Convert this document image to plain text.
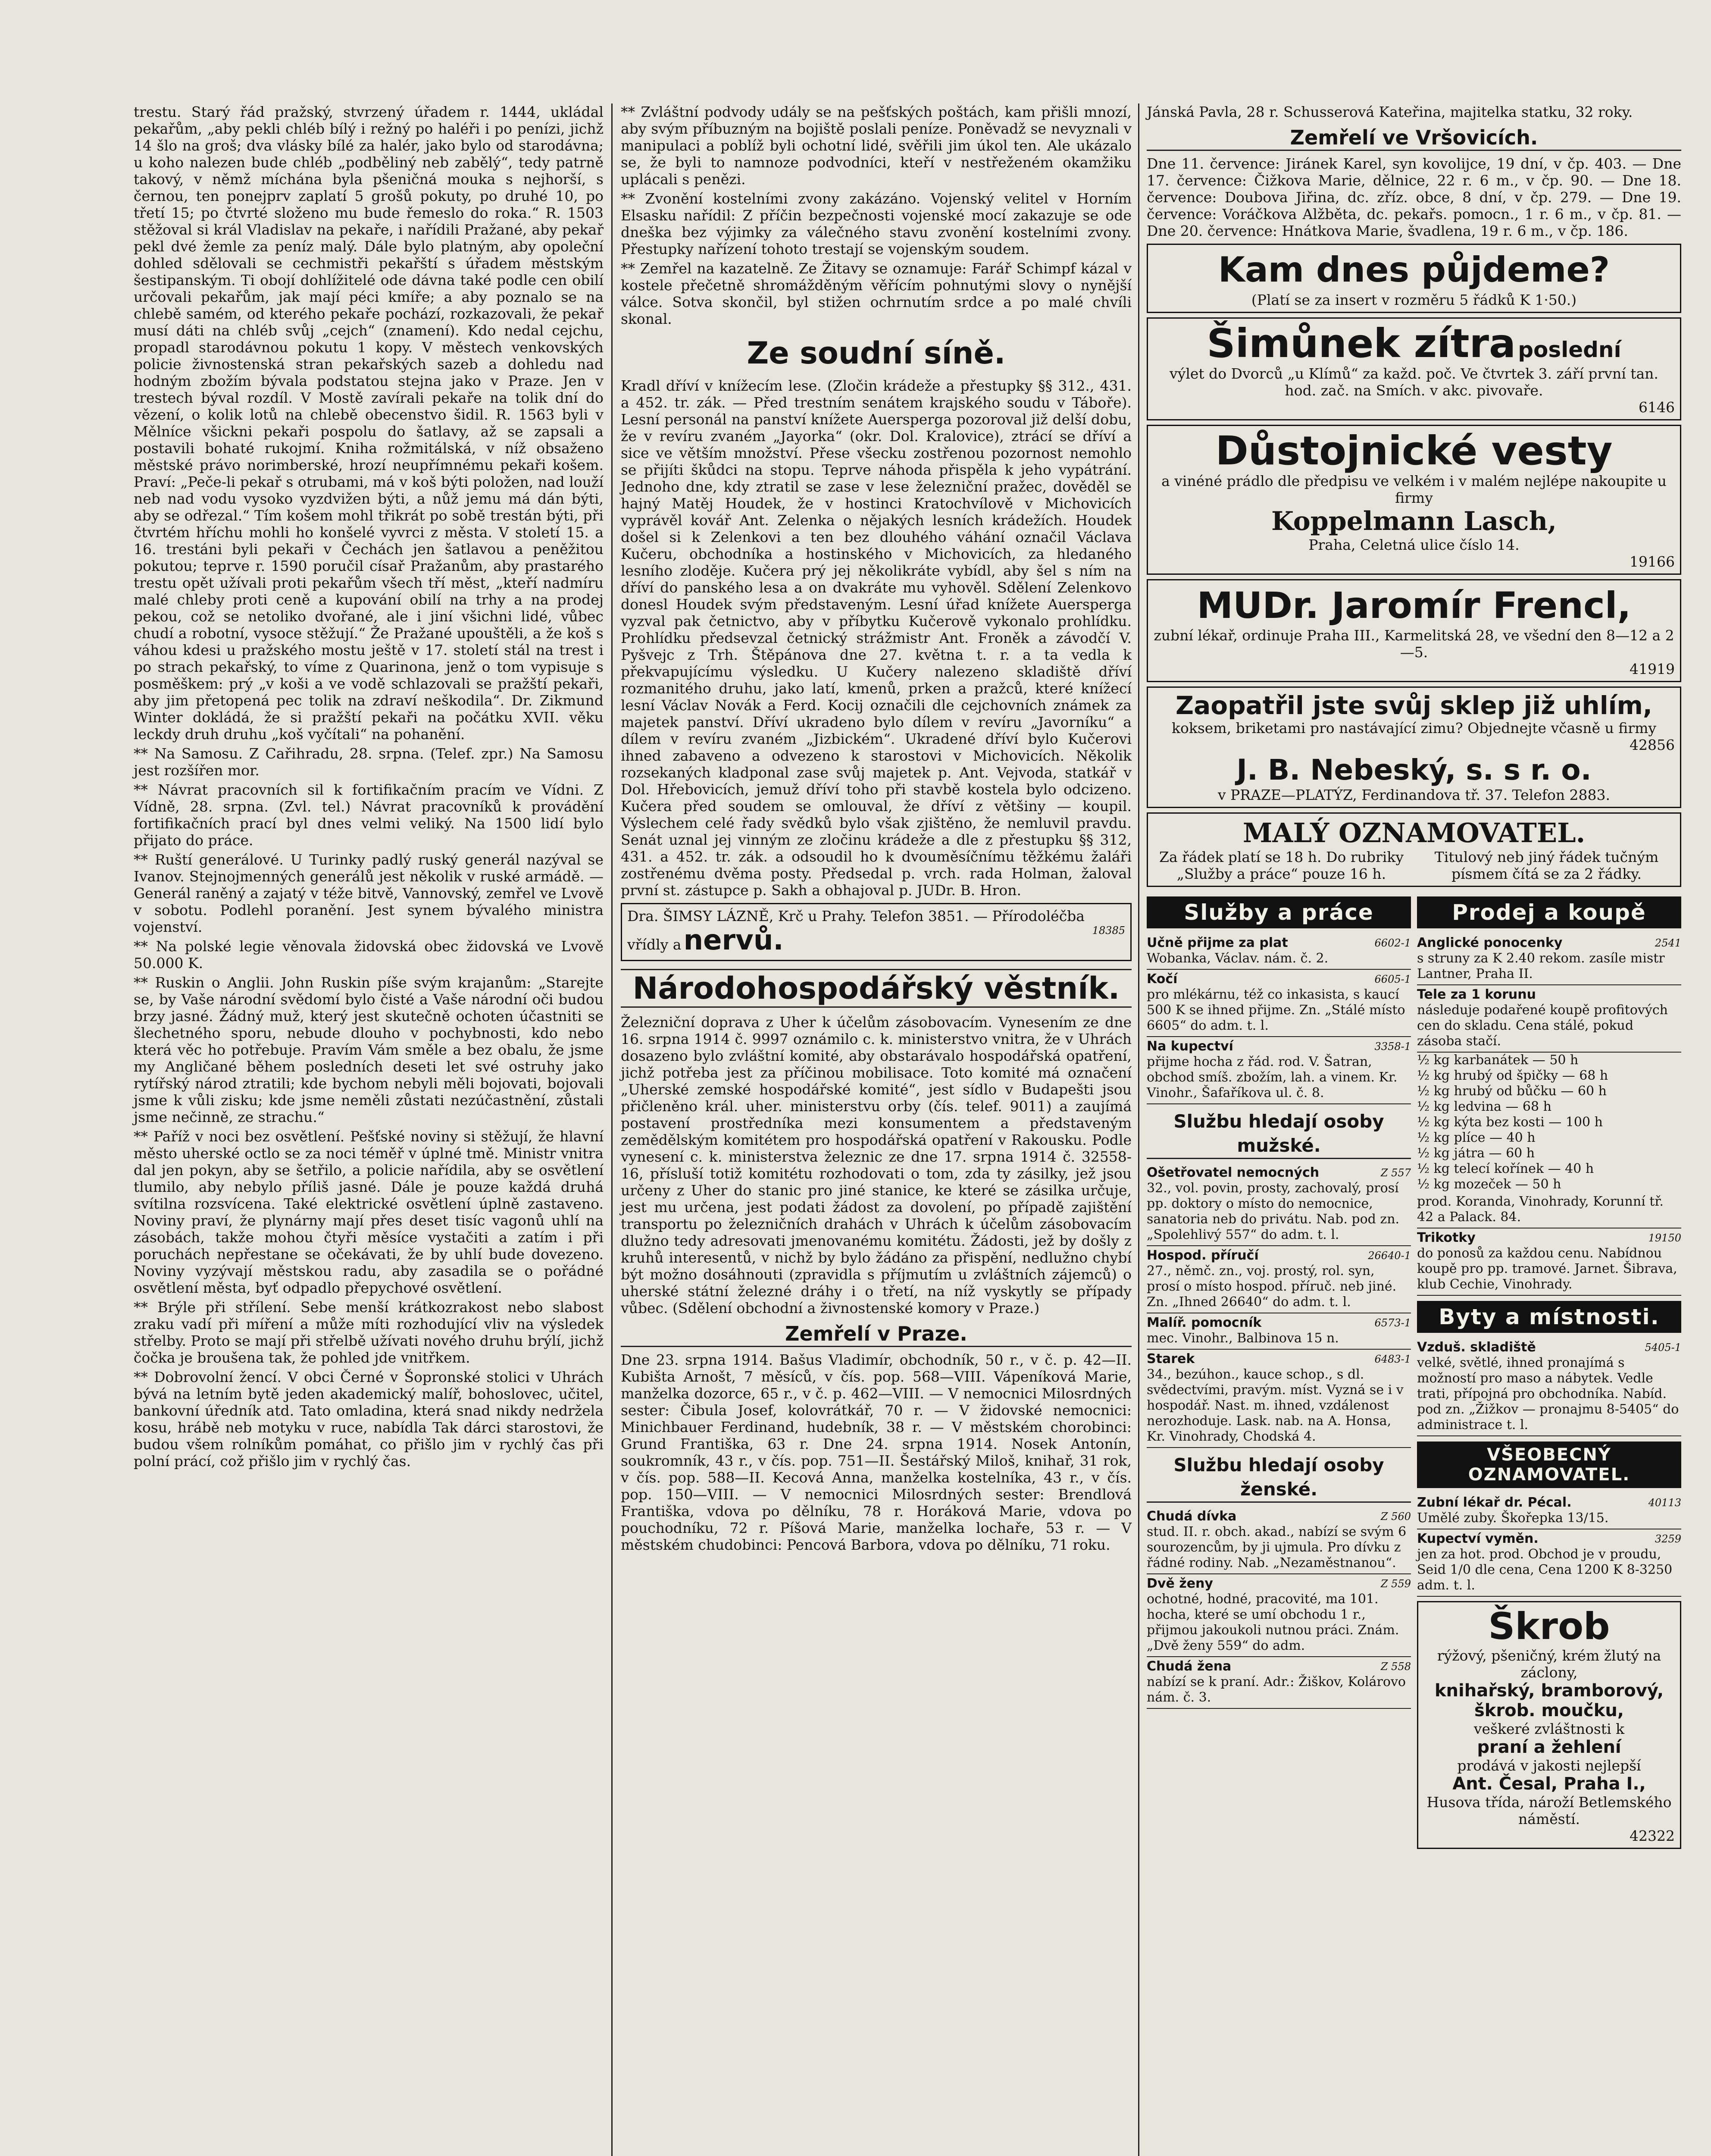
trestu. Starý řád pražský, stvrzený úřadem r. 1444, ukládal pekařům, „aby pekli chléb bílý i režný po haléři i po penízi, jichž 14 šlo na groš; dva vlásky bílé za halér, jako bylo od starodávna; u koho nalezen bude chléb „podběliný neb zabělý“, tedy patrně takový, v němž míchána byla pšeničná mouka s nejhorší, s černou, ten ponejprv zaplatí 5 grošů pokuty, po druhé 10, po třetí 15; po čtvrté složeno mu bude řemeslo do roka.“ R. 1503 stěžoval si král Vladislav na pekaře, i nařídili Pražané, aby pekař pekl dvé žemle za peníz malý. Dále bylo platným, aby opoleční dohled sdělovali se cechmistři pekařští s úřadem městským šestipanským. Ti obojí dohlížitelé ode dávna také podle cen obilí určovali pekařům, jak mají péci kmíře; a aby poznalo se na chlebě samém, od kterého pekaře pochází, rozkazovali, že pekař musí dáti na chléb svůj „cejch“ (znamení). Kdo nedal cejchu, propadl starodávnou pokutu 1 kopy. V městech venkovských policie živnostenská stran pekařských sazeb a dohledu nad hodným zbožím bývala podstatou stejna jako v Praze. Jen v trestech býval rozdíl. V Mostě zavírali pekaře na tolik dní do vězení, o kolik lotů na chlebě obecenstvo šidil. R. 1563 byli v Mělníce všickni pekaři pospolu do šatlavy, až se zapsali a postavili bohaté rukojmí. Kniha rožmitálská, v níž obsaženo městské právo norimberské, hrozí neupřímnému pekaři košem. Praví: „Peče-li pekař s otrubami, má v koš býti položen, nad louží neb nad vodu vysoko vyzdvižen býti, a nůž jemu má dán býti, aby se odřezal.“ Tím košem mohl třikrát po sobě trestán býti, při čtvrtém hříchu mohli ho konšelé vyvrci z města. V století 15. a 16. trestáni byli pekaři v Čechách jen šatlavou a peněžitou pokutou; teprve r. 1590 poručil císař Pražanům, aby prastarého trestu opět užívali proti pekařům všech tří měst, „kteří nadmíru malé chleby proti ceně a kupování obilí na trhy a na prodej pekou, což se netoliko dvořané, ale i jiní všichni lidé, vůbec chudí a robotní, vysoce stěžují.“ Že Pražané upouštěli, a že koš s váhou kdesi u pražského mostu ještě v 17. století stál na trest i po strach pekařský, to víme z Quarinona, jenž o tom vypisuje s posměškem: prý „v koši a ve vodě schlazovali se pražští pekaři, aby jim přetopená pec tolik na zdraví neškodila“. Dr. Zikmund Winter dokládá, že si pražští pekaři na počátku XVII. věku leckdy druh druhu „koš vyčítali“ na pohanění.

** Na Samosu. Z Cařihradu, 28. srpna. (Telef. zpr.) Na Samosu jest rozšířen mor.

** Návrat pracovních sil k fortifikačním pracím ve Vídni. Z Vídně, 28. srpna. (Zvl. tel.) Návrat pracovníků k provádění fortifikačních prací byl dnes velmi veliký. Na 1500 lidí bylo přijato do práce.

** Ruští generálové. U Turinky padlý ruský generál nazýval se Ivanov. Stejnojmenných generálů jest několik v ruské armádě. — Generál raněný a zajatý v téže bitvě, Vannovský, zemřel ve Lvově v sobotu. Podlehl poranění. Jest synem bývalého ministra vojenství.

** Na polské legie věnovala židovská obec židovská ve Lvově 50.000 K.

** Ruskin o Anglii. John Ruskin píše svým krajanům: „Starejte se, by Vaše národní svědomí bylo čisté a Vaše národní oči budou brzy jasné. Žádný muž, který jest skutečně ochoten účastniti se šlechetného sporu, nebude dlouho v pochybnosti, kdo nebo která věc ho potřebuje. Pravím Vám směle a bez obalu, že jsme my Angličané během posledních deseti let své ostruhy jako rytířský národ ztratili; kde bychom nebyli měli bojovati, bojovali jsme k vůli zisku; kde jsme neměli zůstati nezúčastnění, zůstali jsme nečinně, ze strachu.“

** Paříž v noci bez osvětlení. Pešťské noviny si stěžují, že hlavní město uherské octlo se za noci téměř v úplné tmě. Ministr vnitra dal jen pokyn, aby se šetřilo, a policie nařídila, aby se osvětlení tlumilo, aby nebylo příliš jasné. Dále je pouze každá druhá svítilna rozsvícena. Také elektrické osvětlení úplně zastaveno. Noviny praví, že plynárny mají přes deset tisíc vagonů uhlí na zásobách, takže mohou čtyři měsíce vystačiti a zatím i při poruchách nepřestane se očekávati, že by uhlí bude dovezeno. Noviny vyzývají městskou radu, aby zasadila se o pořádné osvětlení města, byť odpadlo přepychové osvětlení.

** Brýle při střílení. Sebe menší krátkozrakost nebo slabost zraku vadí při míření a může míti rozhodující vliv na výsledek střelby. Proto se mají při střelbě užívati nového druhu brýlí, jichž čočka je broušena tak, že pohled jde vnitřkem.

** Dobrovolní žencí. V obci Černé v Šopronské stolici v Uhrách bývá na letním bytě jeden akademický malíř, bohoslovec, učitel, bankovní úředník atd. Tato omladina, která snad nikdy nedržela kosu, hrábě neb motyku v ruce, nabídla Tak dárci starostovi, že budou všem rolníkům pomáhat, co přišlo jim v rychlý čas při polní prácí, což přišlo jim v rychlý čas.

** Zvláštní podvody udály se na pešťských poštách, kam přišli mnozí, aby svým příbuzným na bojiště poslali peníze. Poněvadž se nevyznali v manipulaci a poblíž byli ochotní lidé, svěřili jim úkol ten. Ale ukázalo se, že byli to namnoze podvodníci, kteří v nestřeženém okamžiku uplácali s penězi.

** Zvonění kostelními zvony zakázáno. Vojenský velitel v Horním Elsasku nařídil: Z příčin bezpečnosti vojenské mocí zakazuje se ode dneška bez výjimky za válečného stavu zvonění kostelními zvony. Přestupky nařízení tohoto trestají se vojenským soudem.

** Zemřel na kazatelně. Ze Žitavy se oznamuje: Farář Schimpf kázal v kostele přečetně shromážděným věřícím pohnutými slovy o nynější válce. Sotva skončil, byl stižen ochrnutím srdce a po malé chvíli skonal.

Ze soudní síně.

Kradl dříví v knížecím lese. (Zločin krádeže a přestupky §§ 312., 431. a 452. tr. zák. — Před trestním senátem krajského soudu v Táboře). Lesní personál na panství knížete Auersperga pozoroval již delší dobu, že v revíru zvaném „Jayorka“ (okr. Dol. Kralovice), ztrácí se dříví a sice ve větším množství. Přese všecku zostřenou pozornost nemohlo se přijíti škůdci na stopu. Teprve náhoda přispěla k jeho vypátrání. Jednoho dne, kdy ztratil se zase v lese železniční pražec, dověděl se hajný Matěj Houdek, že v hostinci Kratochvílově v Michovicích vyprávěl kovář Ant. Zelenka o nějakých lesních krádežích. Houdek došel si k Zelenkovi a ten bez dlouhého váhání označil Václava Kučeru, obchodníka a hostinského v Michovicích, za hledaného lesního zloděje. Kučera prý jej několikráte vybídl, aby šel s ním na dříví do panského lesa a on dvakráte mu vyhověl. Sdělení Zelenkovo donesl Houdek svým představeným. Lesní úřad knížete Auersperga vyzval pak četnictvo, aby v příbytku Kučerově vykonalo prohlídku. Prohlídku předsevzal četnický strážmistr Ant. Froněk a závodčí V. Pyšvejc z Trh. Štěpánova dne 27. května t. r. a ta vedla k překvapujícímu výsledku. U Kučery nalezeno skladiště dříví rozmanitého druhu, jako latí, kmenů, prken a pražců, které knížecí lesní Václav Novák a Ferd. Kocij označili dle cejchovních známek za majetek panství. Dříví ukradeno bylo dílem v revíru „Javorníku“ a dílem v revíru zvaném „Jizbickém“. Ukradené dříví bylo Kučerovi ihned zabaveno a odvezeno k starostovi v Michovicích. Několik rozsekaných kladponal zase svůj majetek p. Ant. Vejvoda, statkář v Dol. Hřebovicích, jemuž dříví toho při stavbě kostela bylo odcizeno. Kučera před soudem se omlouval, že dříví z většiny — koupil. Výslechem celé řady svědků bylo však zjištěno, že nemluvil pravdu. Senát uznal jej vinným ze zločinu krádeže a dle z přestupku §§ 312, 431. a 452. tr. zák. a odsoudil ho k dvouměsíčnímu těžkému žaláři zostřenému dvěma posty. Předsedal p. vrch. rada Holman, žaloval první st. zástupce p. Sakh a obhajoval p. JUDr. B. Hron.

Dra. ŠIMSY LÁZNĚ, Krč u Prahy. Telefon 3851. — Přírodoléčba vřídly a nervů.	18385
Národohospodářský věstník.

Železniční doprava z Uher k účelům zásobovacím. Vynesením ze dne 16. srpna 1914 č. 9997 oznámilo c. k. ministerstvo vnitra, že v Uhrách dosazeno bylo zvláštní komité, aby obstarávalo hospodářská opatření, jichž potřeba jest za příčinou mobilisace. Toto komité má označení „Uherské zemské hospodářské komité“, jest sídlo v Budapešti jsou přičleněno král. uher. ministerstvu orby (čís. telef. 9011) a zaujímá postavení prostředníka mezi konsumentem a představeným zemědělským komitétem pro hospodářská opatření v Rakousku. Podle vynesení c. k. ministerstva železnic ze dne 17. srpna 1914 č. 32558-16, přísluší totiž komitétu rozhodovati o tom, zda ty zásilky, jež jsou určeny z Uher do stanic pro jiné stanice, ke které se zásilka určuje, jest mu určena, jest podati žádost za dovolení, po případě zajištění transportu po železničních drahách v Uhrách k účelům zásobovacím dlužno tedy adresovati jmenovanému komitétu. Žádosti, jež by došly z kruhů interesentů, v nichž by bylo žádáno za přispění, nedlužno chybí být možno dosáhnouti (zpravidla s příjmutím u zvláštních zájemců) o uherské státní železné dráhy i o třetí, na níž vyskytly se případy vůbec. (Sdělení obchodní a živnostenské komory v Praze.)

Zemřelí v Praze.

Dne 23. srpna 1914. Bašus Vladimír, obchodník, 50 r., v č. p. 42—II. Kubišta Arnošt, 7 měsíců, v čís. pop. 568—VIII. Vápeníková Marie, manželka dozorce, 65 r., v č. p. 462—VIII. — V nemocnici Milosrdných sester: Čibula Josef, kolovrátkář, 70 r. — V židovské nemocnici: Minichbauer Ferdinand, hudebník, 38 r. — V městském chorobinci: Grund Františka, 63 r. Dne 24. srpna 1914. Nosek Antonín, soukromník, 43 r., v čís. pop. 751—II. Šestářský Miloš, knihař, 31 rok, v čís. pop. 588—II. Kecová Anna, manželka kostelníka, 43 r., v čís. pop. 150—VIII. — V nemocnici Milosrdných sester: Brendlová Františka, vdova po dělníku, 78 r. Horáková Marie, vdova po pouchodníku, 72 r. Píšová Marie, manželka lochaře, 53 r. — V městském chudobinci: Pencová Barbora, vdova po dělníku, 71 roku.

Jánská Pavla, 28 r. Schusserová Kateřina, majitelka statku, 32 roky.

Zemřelí ve Vršovicích.

Dne 11. července: Jiránek Karel, syn kovolijce, 19 dní, v čp. 403. — Dne 17. července: Čižkova Marie, dělnice, 22 r. 6 m., v čp. 90. — Dne 18. července: Doubova Jiřina, dc. zříz. obce, 8 dní, v čp. 279. — Dne 19. července: Voráčkova Alžběta, dc. pekařs. pomocn., 1 r. 6 m., v čp. 81. — Dne 20. července: Hnátkova Marie, švadlena, 19 r. 6 m., v čp. 186.

Kam dnes půjdeme?
(Platí se za insert v rozměru 5 řádků K 1·50.)
Šimůnek zítra poslední
výlet do Dvorců „u Klímů“ za každ. poč. Ve čtvrtek 3. září první tan. hod. zač. na Smích. v akc. pivovaře.
6146
Důstojnické vesty
a vinéné prádlo dle předpisu ve velkém i v malém nejlépe nakoupite u firmy
Koppelmann Lasch,
Praha, Celetná ulice číslo 14.
19166
MUDr. Jaromír Frencl,
zubní lékař, ordinuje Praha III., Karmelitská 28, ve všední den 8—12 a 2—5.
41919
Zaopatřil jste svůj sklep již uhlím,
koksem, briketami pro nastávající zimu? Objednejte včasně u firmy
42856
J. B. Nebeský, s. s r. o.
v PRAZE—PLATÝZ, Ferdinandova tř. 37. Telefon 2883.
MALÝ OZNAMOVATEL.
Za řádek platí se 18 h. Do rubriky „Služby a práce“ pouze 16 h.
Titulový neb jiný řádek tučným písmem čítá se za 2 řádky.
Služby a práce
Učně přijme za plat	6602-1

Wobanka, Václav. nám. č. 2.
Kočí	6605-1

pro mlékárnu, též co inkasista, s kaucí 500 K se ihned přijme. Zn. „Stálé místo 6605“ do adm. t. l.
Na kupectví	3358-1

přijme hocha z řád. rod. V. Šatran, obchod smíš. zbožím, lah. a vinem. Kr. Vinohr., Šafaříkova ul. č. 8.
Službu hledají osoby mužské.
Ošetřovatel nemocných	Z 557

32., vol. povin, prosty, zachovalý, prosí pp. doktory o místo do nemocnice, sanatoria neb do privátu. Nab. pod zn. „Spolehlivý 557“ do adm. t. l.
Hospod. příručí	26640-1

27., němč. zn., voj. prostý, rol. syn, prosí o místo hospod. příruč. neb jiné. Zn. „Ihned 26640“ do adm. t. l.
Malíř. pomocník	6573-1

mec. Vinohr., Balbinova 15 n.
Starek	6483-1

34., bezúhon., kauce schop., s dl. svědectvími, pravým. míst. Vyzná se i v hospodář. Nast. m. ihned, vzdálenost nerozhoduje. Lask. nab. na A. Honsa, Kr. Vinohrady, Chodská 4.
Službu hledají osoby ženské.
Chudá dívka	Z 560

stud. II. r. obch. akad., nabízí se svým 6 sourozencům, by ji ujmula. Pro dívku z řádné rodiny. Nab. „Nezaměstnanou“.
Dvě ženy	Z 559

ochotné, hodné, pracovité, ma 101. hocha, které se umí obchodu 1 r., přijmou jakoukoli nutnou práci. Znám. „Dvě ženy 559“ do adm.
Chudá žena	Z 558

nabízí se k praní. Adr.: Žiškov, Kolárovo nám. č. 3.
Prodej a koupě
Anglické ponocenky	2541

s struny za K 2.40 rekom. zasíle mistr Lantner, Praha II.
Tele za 1 korunu
následuje podařené koupě profitových cen do skladu. Cena stálé, pokud zásoba stačí.
½ kg karbanátek — 50 h
½ kg hrubý od špičky — 68 h
½ kg hrubý od bůčku — 60 h
½ kg ledvina — 68 h
½ kg kýta bez kosti — 100 h
½ kg plíce — 40 h
½ kg játra — 60 h
½ kg telecí kořínek — 40 h
½ kg mozeček — 50 h
prod. Koranda, Vinohrady, Korunní tř. 42 a Palack. 84.
Trikotky	19150

do ponosů za každou cenu. Nabídnou koupě pro pp. tramové. Jarnet. Šibrava, klub Cechie, Vinohrady.
Byty a místnosti.
Vzduš. skladiště	5405-1

velké, světlé, ihned pronajímá s možností pro maso a nábytek. Vedle trati, přípojná pro obchodníka. Nabíd. pod zn. „Žižkov — pronajmu 8-5405“ do administrace t. l.
VŠEOBECNÝ OZNAMOVATEL.
Zubní lékař dr. Pécal.	40113

Umělé zuby. Škořepka 13/15.
Kupectví vyměn.	3259

jen za hot. prod. Obchod je v proudu, Seid 1/0 dle cena, Cena 1200 K 8-3250 adm. t. l.
Škrob
rýžový, pšeničný, krém žlutý na záclony,
knihařský, bramborový, škrob. moučku,
veškeré zvláštnosti k
praní a žehlení
prodává v jakosti nejlepší
Ant. Česal, Praha I.,
Husova třída, nároží Betlemského náměstí.
42322
